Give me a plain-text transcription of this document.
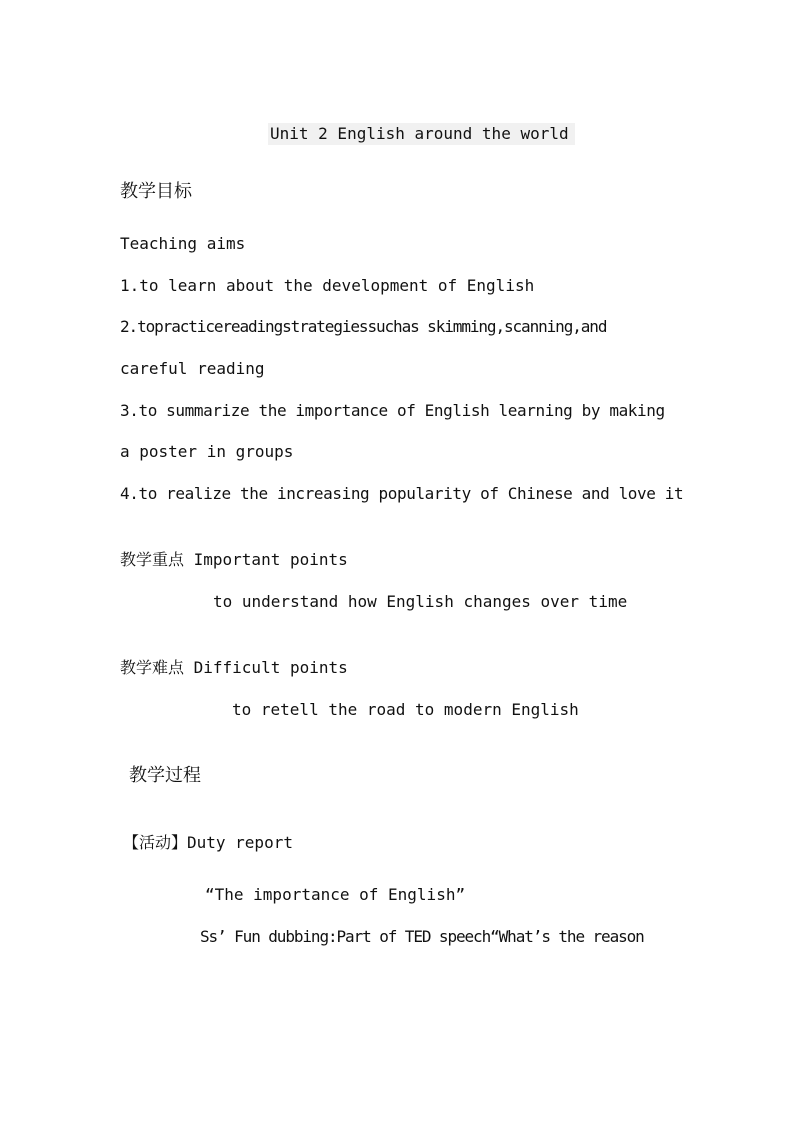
Unit 2 English around the world
教学目标
Teaching aims
1.to learn about the development of English
2.topracticereadingstrategiessuchas skimming,scanning,and
careful reading
3.to summarize the importance of English learning by making
a poster in groups
4.to realize the increasing popularity of Chinese and love it
教学重点 Important points
to understand how English changes over time
教学难点 Difficult points
to retell the road to modern English
教学过程
【活动】Duty report
“The importance of English”
Ss’ Fun dubbing:Part of TED speech“What’s the reason
